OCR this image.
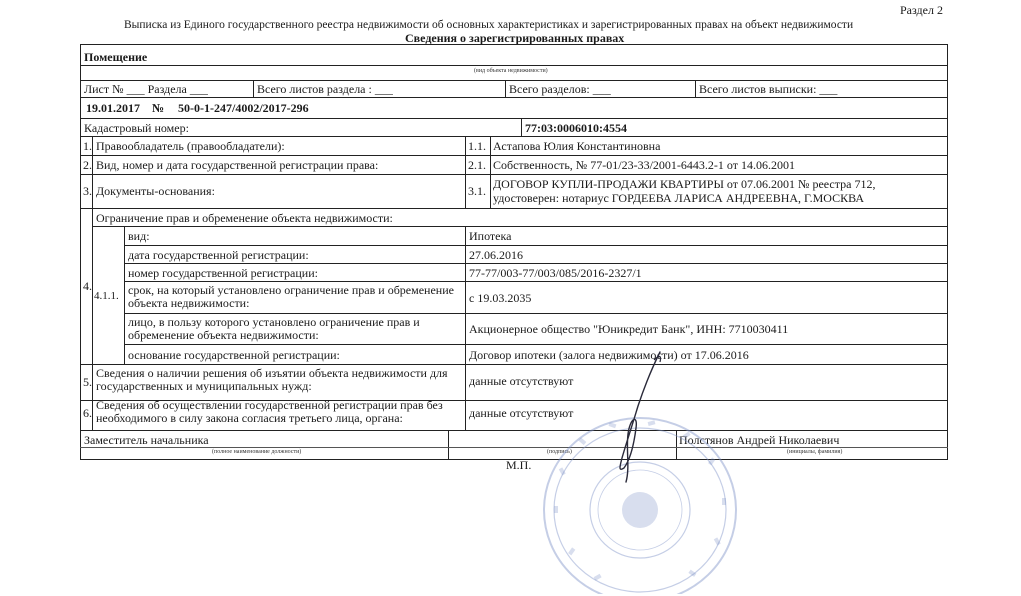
Раздел 2
Выписка из Единого государственного реестра недвижимости об основных характеристиках и зарегистрированных правах на объект недвижимости
Сведения о зарегистрированных правах
Помещение
(вид объекта недвижимости)
Лист № ___ Раздела ___	Всего листов раздела : ___	Всего разделов: ___	Всего листов выписки: ___
19.01.2017 № 50-0-1-247/4002/2017-296
Кадастровый номер:	77:03:0006010:4554
1. Правообладатель (правообладатели):	1.1. Астапова Юлия Константиновна
2. Вид, номер и дата государственной регистрации права:	2.1. Собственность, № 77-01/23-33/2001-6443.2-1 от 14.06.2001
3. Документы-основания:	3.1. ДОГОВОР КУПЛИ-ПРОДАЖИ КВАРТИРЫ от 07.06.2001 № реестра 712,
удостоверен: нотариус ГОРДЕЕВА ЛАРИСА АНДРЕЕВНА, Г.МОСКВА
4.
Ограничение прав и обременение объекта недвижимости:
4.1.1.
вид:	Ипотека
дата государственной регистрации:	27.06.2016
номер государственной регистрации:	77-77/003-77/003/085/2016-2327/1
срок, на который установлено ограничение прав и обременение объекта недвижимости:	с 19.03.2035
лицо, в пользу которого установлено ограничение прав и обременение объекта недвижимости:	Акционерное общество "Юникредит Банк", ИНН: 7710030411
основание государственной регистрации:	Договор ипотеки (залога недвижимости) от 17.06.2016
5.
Сведения о наличии решения об изъятии объекта недвижимости для государственных и муниципальных нужд:	данные отсутствуют
6.
Сведения об осуществлении государственной регистрации прав без необходимого в силу закона согласия третьего лица, органа:	данные отсутствуют
Заместитель начальника	Полстянов Андрей Николаевич
(полное наименование должности)	(подпись)	(инициалы, фамилия)
М.П.
